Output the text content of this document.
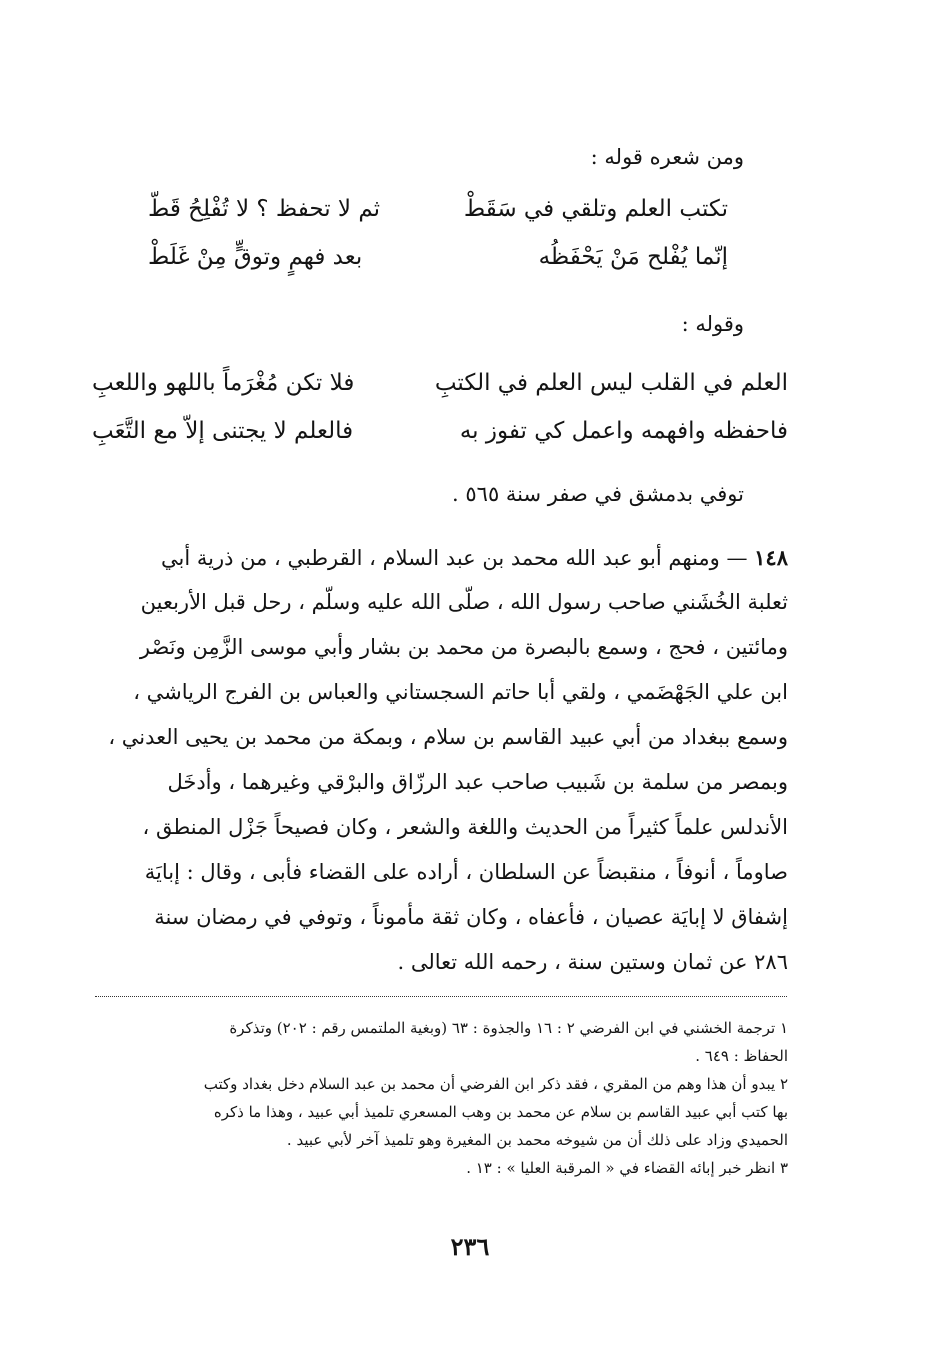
ومن شعره قوله :
تكتب العلم وتلقي في سَقَطْ
ثم لا تحفظ ؟ لا تُفْلِحُ قَطّ
إنّما يُفْلح مَنْ يَحْفَظُه
بعد فهمٍ وتوقٍّ مِنْ غَلَطْ
وقوله :
العلم في القلب ليس العلم في الكتبِ
فلا تكن مُغْرَماً باللهو واللعبِ
فاحفظه وافهمه واعمل كي تفوز به
فالعلم لا يجتنى إلاّ مع التَّعَبِ
توفي بدمشق في صفر سنة ٥٦٥ .
١٤٨ — ومنهم أبو عبد الله محمد بن عبد السلام ، القرطبي ، من ذرية أبي
ثعلبة الخُشَني صاحب رسول الله ، صلّى الله عليه وسلّم ، رحل قبل الأربعين
ومائتين ، فحج ، وسمع بالبصرة من محمد بن بشار وأبي موسى الزَّمِن ونَصْر
ابن علي الجَهْضَمي ، ولقي أبا حاتم السجستاني والعباس بن الفرج الرياشي ،
وسمع ببغداد من أبي عبيد القاسم بن سلام ، وبمكة من محمد بن يحيى العدني ،
وبمصر من سلمة بن شَبيب صاحب عبد الرزّاق والبرْقي وغيرهما ، وأدخَل
الأندلس علماً كثيراً من الحديث واللغة والشعر ، وكان فصيحاً جَزْل المنطق ،
صاوماً ، أنوفاً ، منقبضاً عن السلطان ، أراده على القضاء فأبى ، وقال : إبايَة
إشفاق لا إبايَة عصيان ، فأعفاه ، وكان ثقة مأموناً ، وتوفي في رمضان سنة
٢٨٦ عن ثمان وستين سنة ، رحمه الله تعالى .
١ ترجمة الخشني في ابن الفرضي ٢ : ١٦ والجذوة : ٦٣ (وبغية الملتمس رقم : ٢٠٢) وتذكرة
الحفاظ : ٦٤٩ .
٢ يبدو أن هذا وهم من المقري ، فقد ذكر ابن الفرضي أن محمد بن عبد السلام دخل بغداد وكتب
بها كتب أبي عبيد القاسم بن سلام عن محمد بن وهب المسعري تلميذ أبي عبيد ، وهذا ما ذكره
الحميدي وزاد على ذلك أن من شيوخه محمد بن المغيرة وهو تلميذ آخر لأبي عبيد .
٣ انظر خبر إبائه القضاء في « المرقبة العليا » : ١٣ .
٢٣٦
